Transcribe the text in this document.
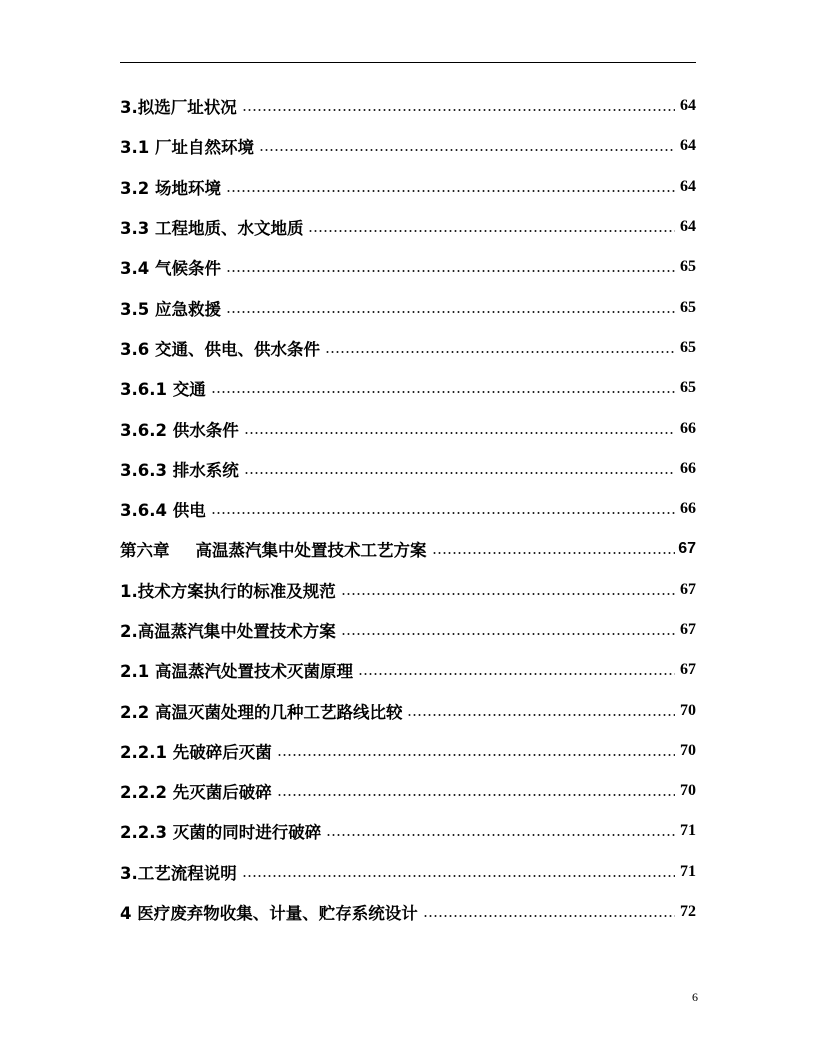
3.拟选厂址状况	64
3.1 厂址自然环境	64
3.2 场地环境	64
3.3 工程地质、水文地质	64
3.4 气候条件	65
3.5 应急救援	65
3.6 交通、供电、供水条件	65
3.6.1 交通	65
3.6.2 供水条件	66
3.6.3 排水系统	66
3.6.4 供电	66
第六章 高温蒸汽集中处置技术工艺方案	67
1.技术方案执行的标准及规范	67
2.高温蒸汽集中处置技术方案	67
2.1 高温蒸汽处置技术灭菌原理	67
2.2 高温灭菌处理的几种工艺路线比较	70
2.2.1 先破碎后灭菌	70
2.2.2 先灭菌后破碎	70
2.2.3 灭菌的同时进行破碎	71
3.工艺流程说明	71
4 医疗废弃物收集、计量、贮存系统设计	72
6
